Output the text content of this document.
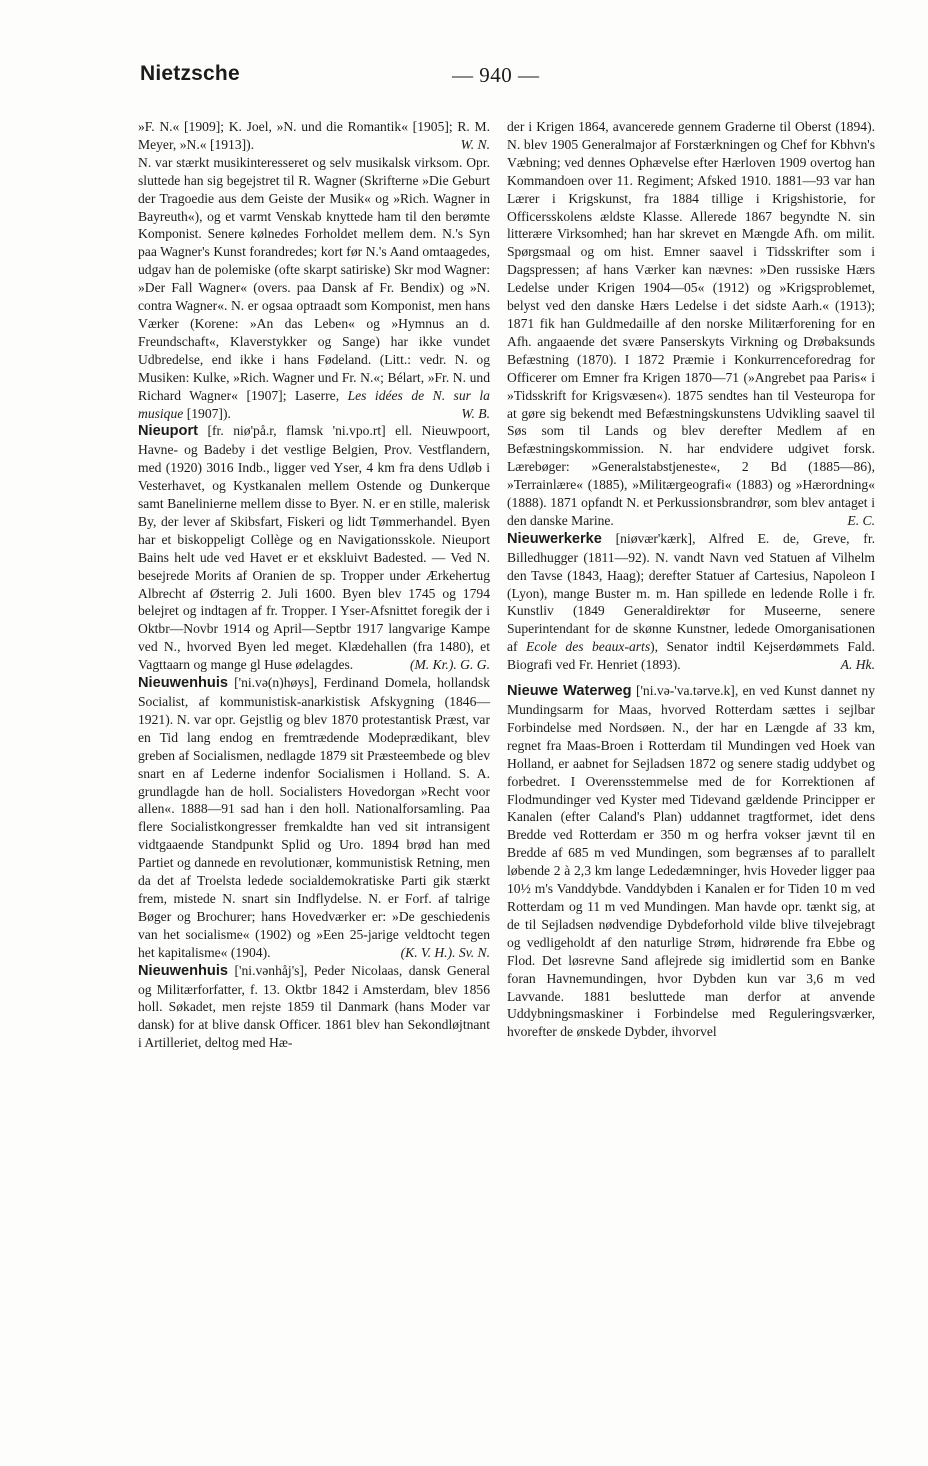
Nietzsche	— 940 —

»F. N.« [1909]; K. Joel, »N. und die Romantik« [1905]; R. M. Meyer, »N.« [1913]).	W. N.

N. var stærkt musikinteresseret og selv musikalsk virksom. Opr. sluttede han sig begejstret til R. Wagner (Skrifterne »Die Geburt der Tragoedie aus dem Geiste der Musik« og »Rich. Wagner in Bayreuth«), og et varmt Venskab knyttede ham til den berømte Komponist. Senere kølnedes Forholdet mellem dem. N.'s Syn paa Wagner's Kunst forandredes; kort før N.'s Aand omtaagedes, udgav han de polemiske (ofte skarpt satiriske) Skr mod Wagner: »Der Fall Wagner« (overs. paa Dansk af Fr. Bendix) og »N. contra Wagner«. N. er ogsaa optraadt som Komponist, men hans Værker (Korene: »An das Leben« og »Hymnus an d. Freundschaft«, Klaverstykker og Sange) har ikke vundet Udbredelse, end ikke i hans Fødeland. (Litt.: vedr. N. og Musiken: Kulke, »Rich. Wagner und Fr. N.«; Bélart, »Fr. N. und Richard Wagner« [1907]; Laserre, Les idées de N. sur la musique [1907]).	W. B.

Nieuport [fr. niø'på.r, flamsk 'ni.vpo.rt] ell. Nieuwpoort, Havne- og Badeby i det vestlige Belgien, Prov. Vestflandern, med (1920) 3016 Indb., ligger ved Yser, 4 km fra dens Udløb i Vesterhavet, og Kystkanalen mellem Ostende og Dunkerque samt Banelinierne mellem disse to Byer. N. er en stille, malerisk By, der lever af Skibsfart, Fiskeri og lidt Tømmerhandel. Byen har et biskoppeligt Collège og en Navigationsskole. Nieuport Bains helt ude ved Havet er et ekskluivt Badested. — Ved N. besejrede Morits af Oranien de sp. Tropper under Ærkehertug Albrecht af Østerrig 2. Juli 1600. Byen blev 1745 og 1794 belejret og indtagen af fr. Tropper. I Yser-Afsnittet foregik der i Oktbr—Novbr 1914 og April—Septbr 1917 langvarige Kampe ved N., hvorved Byen led meget. Klædehallen (fra 1480), et Vagttaarn og mange gl Huse ødelagdes.	(M. Kr.). G. G.

Nieuwenhuis ['ni.və(n)høys], Ferdinand Domela, hollandsk Socialist, af kommunistisk-anarkistisk Afskygning (1846—1921). N. var opr. Gejstlig og blev 1870 protestantisk Præst, var en Tid lang endog en fremtrædende Modeprædikant, blev greben af Socialismen, nedlagde 1879 sit Præsteembede og blev snart en af Lederne indenfor Socialismen i Holland. S. A. grundlagde han de holl. Socialisters Hovedorgan »Recht voor allen«. 1888—91 sad han i den holl. Nationalforsamling. Paa flere Socialistkongresser fremkaldte han ved sit intransigent vidtgaaende Standpunkt Splid og Uro. 1894 brød han med Partiet og dannede en revolutionær, kommunistisk Retning, men da det af Troelsta ledede socialdemokratiske Parti gik stærkt frem, mistede N. snart sin Indflydelse. N. er Forf. af talrige Bøger og Brochurer; hans Hovedværker er: »De geschiedenis van het socialisme« (1902) og »Een 25-jarige veldtocht tegen het kapitalisme« (1904).	(K. V. H.). Sv. N.

Nieuwenhuis ['ni.vənhåj's], Peder Nicolaas, dansk General og Militærforfatter, f. 13. Oktbr 1842 i Amsterdam, blev 1856 holl. Søkadet, men rejste 1859 til Danmark (hans Moder var dansk) for at blive dansk Officer. 1861 blev han Sekondløjtnant i Artilleriet, deltog med Hæ-

der i Krigen 1864, avancerede gennem Graderne til Oberst (1894). N. blev 1905 Generalmajor af Forstærkningen og Chef for Kbhvn's Væbning; ved dennes Ophævelse efter Hærloven 1909 overtog han Kommandoen over 11. Regiment; Afsked 1910. 1881—93 var han Lærer i Krigskunst, fra 1884 tillige i Krigshistorie, for Officersskolens ældste Klasse. Allerede 1867 begyndte N. sin litterære Virksomhed; han har skrevet en Mængde Afh. om milit. Spørgsmaal og om hist. Emner saavel i Tidsskrifter som i Dagspressen; af hans Værker kan nævnes: »Den russiske Hærs Ledelse under Krigen 1904—05« (1912) og »Krigsproblemet, belyst ved den danske Hærs Ledelse i det sidste Aarh.« (1913); 1871 fik han Guldmedaille af den norske Militærforening for en Afh. angaaende det svære Panserskyts Virkning og Drøbaksunds Befæstning (1870). I 1872 Præmie i Konkurrenceforedrag for Officerer om Emner fra Krigen 1870—71 (»Angrebet paa Paris« i »Tidsskrift for Krigsvæsen«). 1875 sendtes han til Vesteuropa for at gøre sig bekendt med Befæstningskunstens Udvikling saavel til Søs som til Lands og blev derefter Medlem af en Befæstningskommission. N. har endvidere udgivet forsk. Lærebøger: »Generalstabstjeneste«, 2 Bd (1885—86), »Terrainlære« (1885), »Militærgeografi« (1883) og »Hærordning« (1888). 1871 opfandt N. et Perkussionsbrandrør, som blev antaget i den danske Marine.	E. C.

Nieuwerkerke [niøvær'kærk], Alfred E. de, Greve, fr. Billedhugger (1811—92). N. vandt Navn ved Statuen af Vilhelm den Tavse (1843, Haag); derefter Statuer af Cartesius, Napoleon I (Lyon), mange Buster m. m. Han spillede en ledende Rolle i fr. Kunstliv (1849 Generaldirektør for Museerne, senere Superintendant for de skønne Kunstner, ledede Omorganisationen af Ecole des beaux-arts), Senator indtil Kejserdømmets Fald. Biografi ved Fr. Henriet (1893).	A. Hk.

Nieuwe Waterweg ['ni.və-'va.tərve.k], en ved Kunst dannet ny Mundingsarm for Maas, hvorved Rotterdam sættes i sejlbar Forbindelse med Nordsøen. N., der har en Længde af 33 km, regnet fra Maas-Broen i Rotterdam til Mundingen ved Hoek van Holland, er aabnet for Sejladsen 1872 og senere stadig uddybet og forbedret. I Overensstemmelse med de for Korrektionen af Flodmundinger ved Kyster med Tidevand gældende Principper er Kanalen (efter Caland's Plan) uddannet tragtformet, idet dens Bredde ved Rotterdam er 350 m og herfra vokser jævnt til en Bredde af 685 m ved Mundingen, som begrænses af to parallelt løbende 2 à 2,3 km lange Lededæmninger, hvis Hoveder ligger paa 10½ m's Vanddybde. Vanddybden i Kanalen er for Tiden 10 m ved Rotterdam og 11 m ved Mundingen. Man havde opr. tænkt sig, at de til Sejladsen nødvendige Dybdeforhold vilde blive tilvejebragt og vedligeholdt af den naturlige Strøm, hidrørende fra Ebbe og Flod. Det løsrevne Sand aflejrede sig imidlertid som en Banke foran Havnemundingen, hvor Dybden kun var 3,6 m ved Lavvande. 1881 besluttede man derfor at anvende Uddybningsmaskiner i Forbindelse med Reguleringsværker, hvorefter de ønskede Dybder, ihvorvel
